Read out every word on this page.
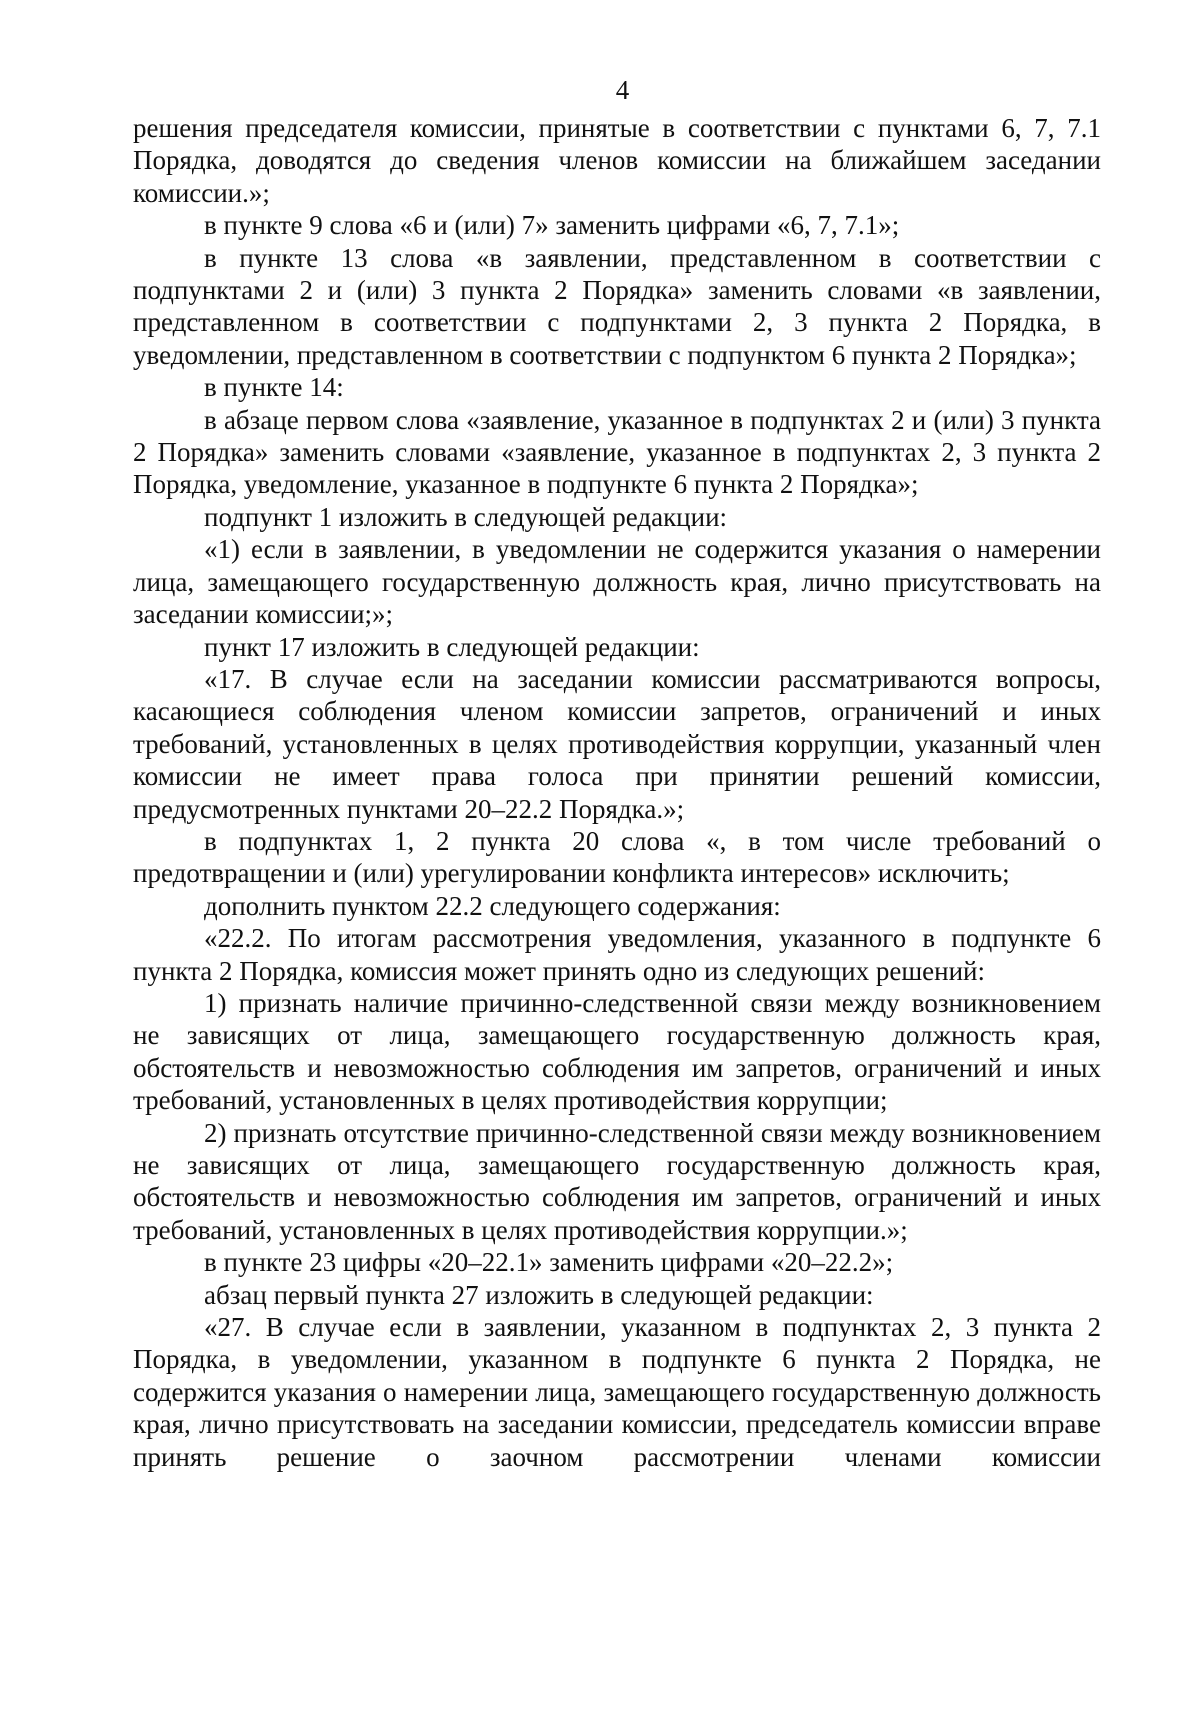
4

решения председателя комиссии, принятые в соответствии с пунктами 6, 7, 7.1 Порядка, доводятся до сведения членов комиссии на ближайшем заседании комиссии.»;

в пункте 9 слова «6 и (или) 7» заменить цифрами «6, 7, 7.1»;

в пункте 13 слова «в заявлении, представленном в соответствии с подпунктами 2 и (или) 3 пункта 2 Порядка» заменить словами «в заявлении, представленном в соответствии с подпунктами 2, 3 пункта 2 Порядка, в уведомлении, представленном в соответствии с подпунктом 6 пункта 2 Порядка»;

в пункте 14:

в абзаце первом слова «заявление, указанное в подпунктах 2 и (или) 3 пункта 2 Порядка» заменить словами «заявление, указанное в подпунктах 2, 3 пункта 2 Порядка, уведомление, указанное в подпункте 6 пункта 2 Порядка»;

подпункт 1 изложить в следующей редакции:

«1) если в заявлении, в уведомлении не содержится указания о намерении лица, замещающего государственную должность края, лично присутствовать на заседании комиссии;»;

пункт 17 изложить в следующей редакции:

«17. В случае если на заседании комиссии рассматриваются вопросы, касающиеся соблюдения членом комиссии запретов, ограничений и иных требований, установленных в целях противодействия коррупции, указанный член комиссии не имеет права голоса при принятии решений комиссии, предусмотренных пунктами 20–22.2 Порядка.»;

в подпунктах 1, 2 пункта 20 слова «, в том числе требований о предотвращении и (или) урегулировании конфликта интересов» исключить;

дополнить пунктом 22.2 следующего содержания:

«22.2. По итогам рассмотрения уведомления, указанного в подпункте 6 пункта 2 Порядка, комиссия может принять одно из следующих решений:

1) признать наличие причинно-следственной связи между возникновением не зависящих от лица, замещающего государственную должность края, обстоятельств и невозможностью соблюдения им запретов, ограничений и иных требований, установленных в целях противодействия коррупции;

2) признать отсутствие причинно-следственной связи между возникновением не зависящих от лица, замещающего государственную должность края, обстоятельств и невозможностью соблюдения им запретов, ограничений и иных требований, установленных в целях противодействия коррупции.»;

в пункте 23 цифры «20–22.1» заменить цифрами «20–22.2»;

абзац первый пункта 27 изложить в следующей редакции:

«27. В случае если в заявлении, указанном в подпунктах 2, 3 пункта 2 Порядка, в уведомлении, указанном в подпункте 6 пункта 2 Порядка, не содержится указания о намерении лица, замещающего государственную должность края, лично присутствовать на заседании комиссии, председатель комиссии вправе принять решение о заочном рассмотрении членами комиссии
